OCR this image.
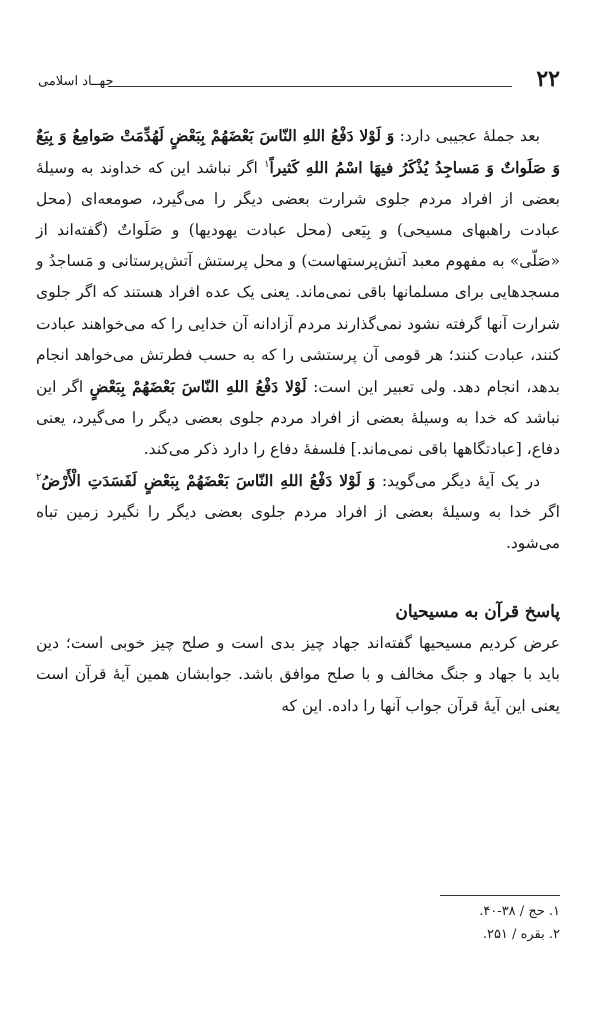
۲۲
جهــاد اسلامی

بعد جملهٔ عجیبی دارد: وَ لَوْلا دَفْعُ اللهِ النّاسَ بَعْضَهُمْ بِبَعْضٍ لَهُدِّمَتْ صَوامِعُ وَ بِيَعٌ وَ صَلَواتٌ وَ مَساجِدُ يُذْكَرُ فيهَا اسْمُ اللهِ كَثيراً$^۱$ اگر نباشد این که خداوند به وسیلهٔ بعضی از افراد مردم جلوی شرارت بعضی دیگر را می‌گیرد، صومعه‌ای (محل عبادت راهبهای مسیحی) و بِیَعی (محل عبادت یهودیها) و صَلَواتٌ (گفته‌اند از «صَلّی» به مفهوم معبد آتش‌پرستهاست) و محل پرستش آتش‌پرستانی و مَساجدُ و مسجدهایی برای مسلمانها باقی نمی‌ماند. یعنی یک عده افراد هستند که اگر جلوی شرارت آنها گرفته نشود نمی‌گذارند مردم آزادانه آن خدایی را که می‌خواهند عبادت کنند، عبادت کنند؛ هر قومی آن پرستشی را که به حسب فطرتش می‌خواهد انجام بدهد، انجام دهد. ولی تعبیر این است: لَوْلا دَفْعُ اللهِ النّاسَ بَعْضَهُمْ بِبَعْضٍ اگر این نباشد که خدا به وسیلهٔ بعضی از افراد مردم جلوی بعضی دیگر را می‌گیرد، یعنی دفاع، [عبادتگاهها باقی نمی‌ماند.] فلسفهٔ دفاع را دارد ذکر می‌کند.

در یک آیهٔ دیگر می‌گوید: وَ لَوْلا دَفْعُ اللهِ النّاسَ بَعْضَهُمْ بِبَعْضٍ لَفَسَدَتِ الْأَرْضُ$^۲$ اگر خدا به وسیلهٔ بعضی از افراد مردم جلوی بعضی دیگر را نگیرد زمین تباه می‌شود.

پاسخ قرآن به مسیحیان

عرض کردیم مسیحیها گفته‌اند جهاد چیز بدی است و صلح چیز خوبی است؛ دین باید با جهاد و جنگ مخالف و با صلح موافق باشد. جوابشان همین آیهٔ قرآن است یعنی این آیهٔ قرآن جواب آنها را داده. این که

۱. حج / ۳۸-۴۰.

۲. بقره / ۲۵۱.
